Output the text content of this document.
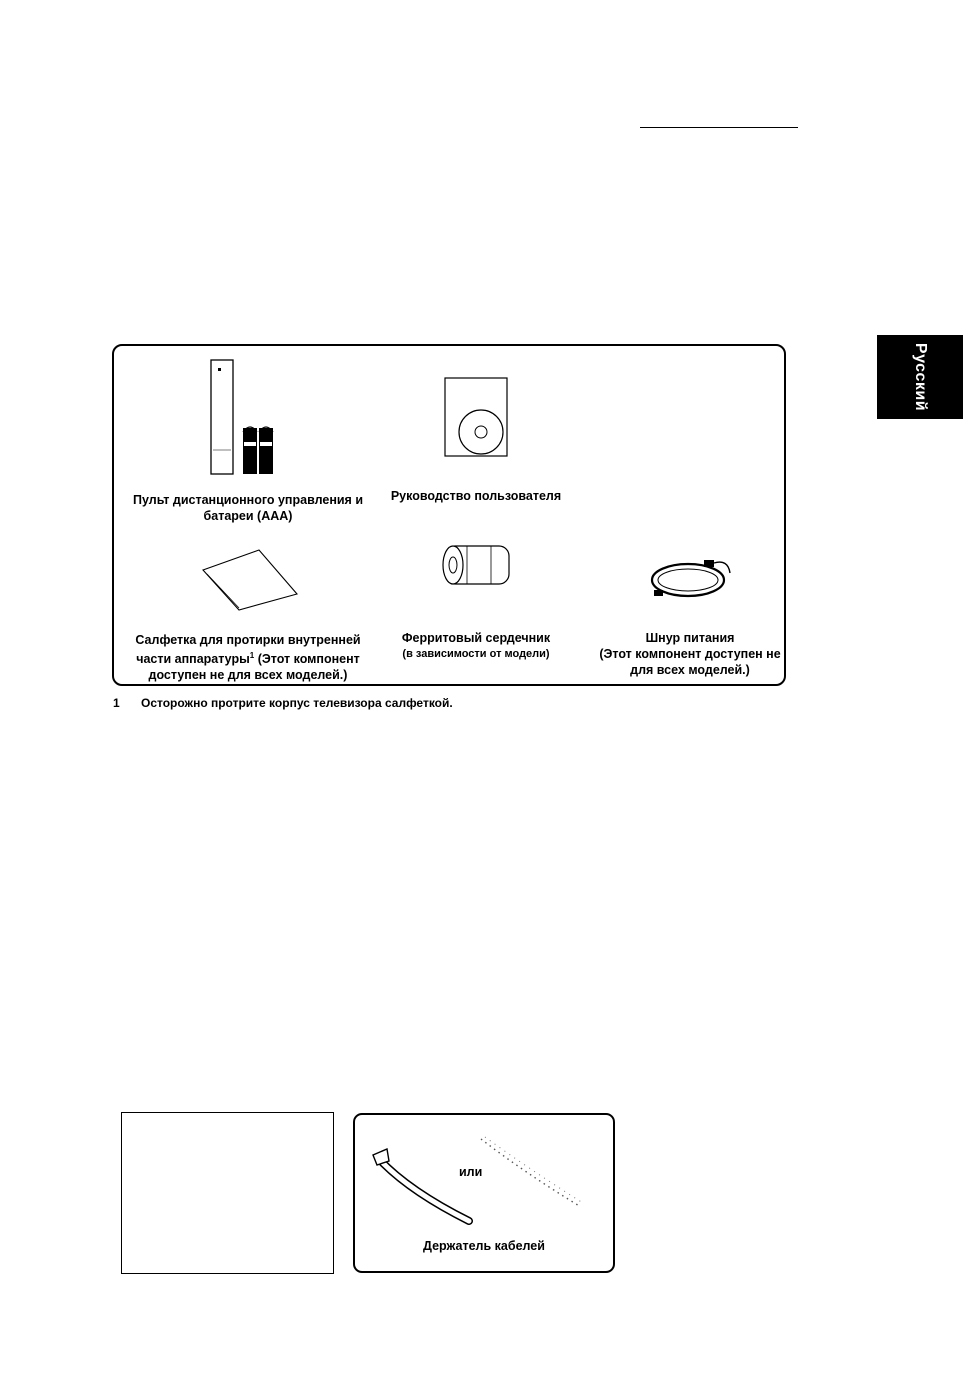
Русский
Пульт дистанционного управления и батареи (AAA)
Руководство пользователя
Салфетка для протирки внутренней
части аппаратуры$^1$ (Этот компонент
доступен не для всех моделей.)
Ферритовый сердечник
(в зависимости от модели)
Шнур питания
(Этот компонент доступен не для всех моделей.)
1 Осторожно протрите корпус телевизора салфеткой.
или
Держатель кабелей
